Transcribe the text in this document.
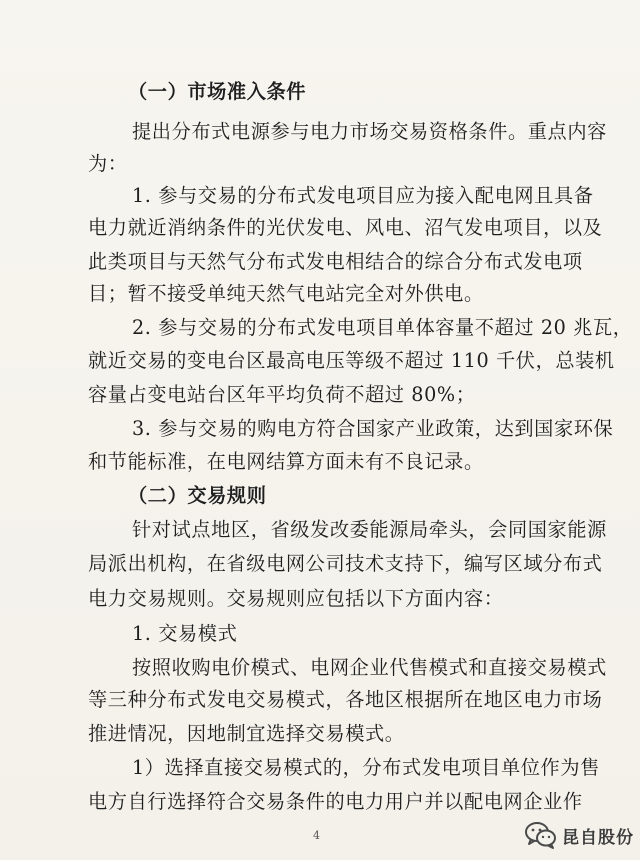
（一）市场准入条件
提出分布式电源参与电力市场交易资格条件。重点内容
为：
1. 参与交易的分布式发电项目应为接入配电网且具备
电力就近消纳条件的光伏发电、风电、沼气发电项目，以及
此类项目与天然气分布式发电相结合的综合分布式发电项
目；暂不接受单纯天然气电站完全对外供电。
2. 参与交易的分布式发电项目单体容量不超过 20 兆瓦，
就近交易的变电台区最高电压等级不超过 110 千伏，总装机
容量占变电站台区年平均负荷不超过 80%；
3. 参与交易的购电方符合国家产业政策，达到国家环保
和节能标准，在电网结算方面未有不良记录。
（二）交易规则
针对试点地区，省级发改委能源局牵头，会同国家能源
局派出机构，在省级电网公司技术支持下，编写区域分布式
电力交易规则。交易规则应包括以下方面内容：
1. 交易模式
按照收购电价模式、电网企业代售模式和直接交易模式
等三种分布式发电交易模式，各地区根据所在地区电力市场
推进情况，因地制宜选择交易模式。
1）选择直接交易模式的，分布式发电项目单位作为售
电方自行选择符合交易条件的电力用户并以配电网企业作
4	昆自股份
